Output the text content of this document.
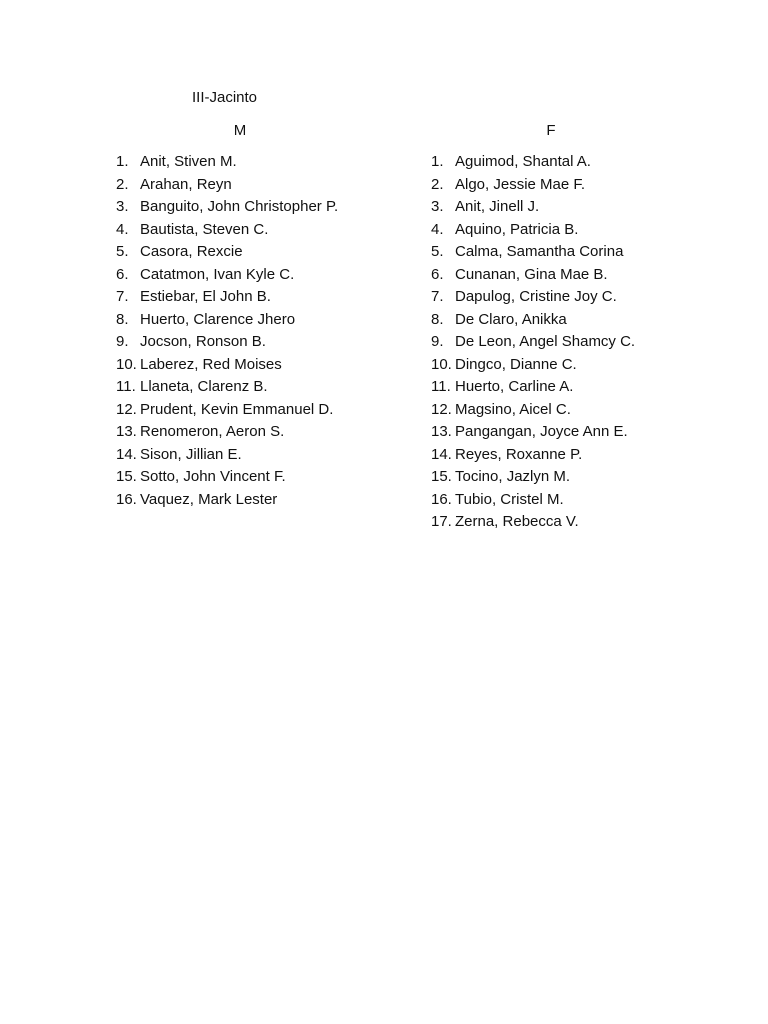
III-Jacinto
M	F
1. Anit, Stiven M.
2. Arahan, Reyn
3. Banguito, John Christopher P.
4. Bautista, Steven C.
5. Casora, Rexcie
6. Catatmon, Ivan Kyle C.
7. Estiebar, El John B.
8. Huerto, Clarence Jhero
9. Jocson, Ronson B.
10. Laberez, Red Moises
11. Llaneta, Clarenz B.
12. Prudent, Kevin Emmanuel D.
13. Renomeron, Aeron S.
14. Sison, Jillian E.
15. Sotto, John Vincent F.
16. Vaquez, Mark Lester
1. Aguimod, Shantal A.
2. Algo, Jessie Mae F.
3. Anit, Jinell J.
4. Aquino, Patricia B.
5. Calma, Samantha Corina
6. Cunanan, Gina Mae B.
7. Dapulog, Cristine Joy C.
8. De Claro, Anikka
9. De Leon, Angel Shamcy C.
10. Dingco, Dianne C.
11. Huerto, Carline A.
12. Magsino, Aicel C.
13. Pangangan, Joyce Ann E.
14. Reyes, Roxanne P.
15. Tocino, Jazlyn M.
16. Tubio, Cristel M.
17. Zerna, Rebecca V.
